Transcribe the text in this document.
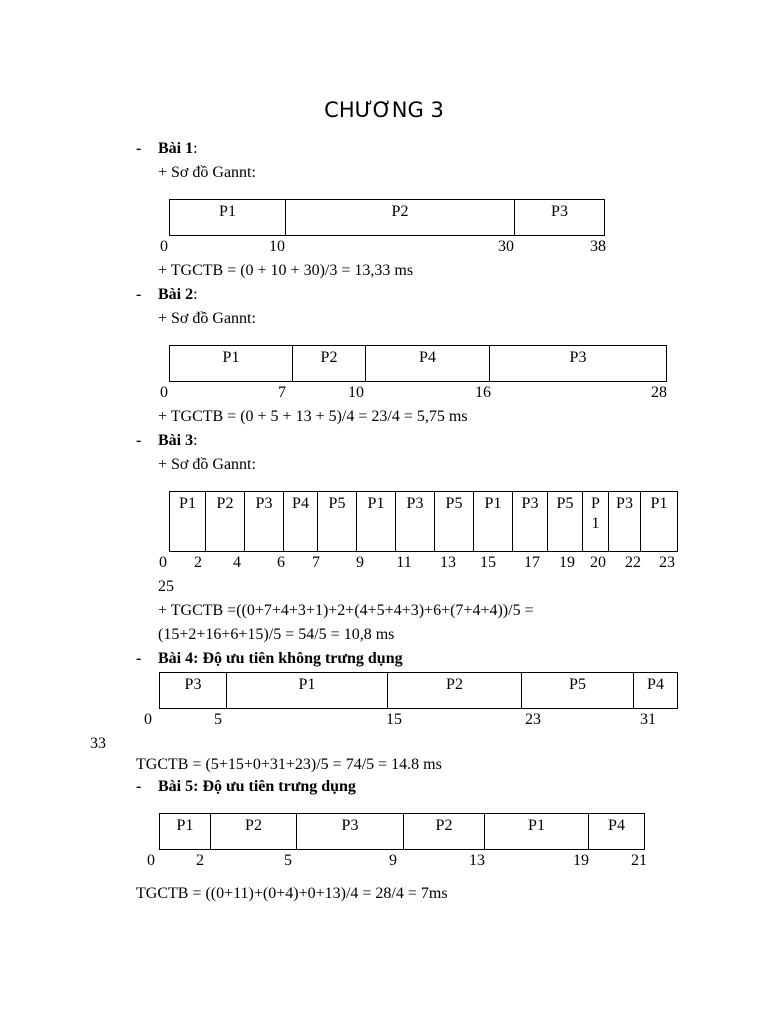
CHƯƠNG 3
- Bài 1:
+ Sơ đồ Gannt:
P1	P2	P3
0	10	30	38
+ TGCTB = (0 + 10 + 30)/3 = 13,33 ms
- Bài 2:
+ Sơ đồ Gannt:
P1	P2	P4	P3
0	7	10	16	28
+ TGCTB = (0 + 5 + 13 + 5)/4 = 23/4 = 5,75 ms
- Bài 3:
+ Sơ đồ Gannt:
P1	P2	P3	P4	P5	P1	P3	P5	P1	P3	P5	P1
P3	P1
0 2 4 6 7 9 11 13 15 17 19 20 22 23
25
+ TGCTB =((0+7+4+3+1)+2+(4+5+4+3)+6+(7+4+4))/5 =
(15+2+16+6+15)/5 = 54/5 = 10,8 ms
- Bài 4: Độ ưu tiên không trưng dụng
P3	P1	P2	P5	P4
0	5	15	23	31
33
TGCTB = (5+15+0+31+23)/5 = 74/5 = 14.8 ms
- Bài 5: Độ ưu tiên trưng dụng
P1	P2	P3	P2	P1	P4
0	2	5	9	13	19	21
TGCTB = ((0+11)+(0+4)+0+13)/4 = 28/4 = 7ms
